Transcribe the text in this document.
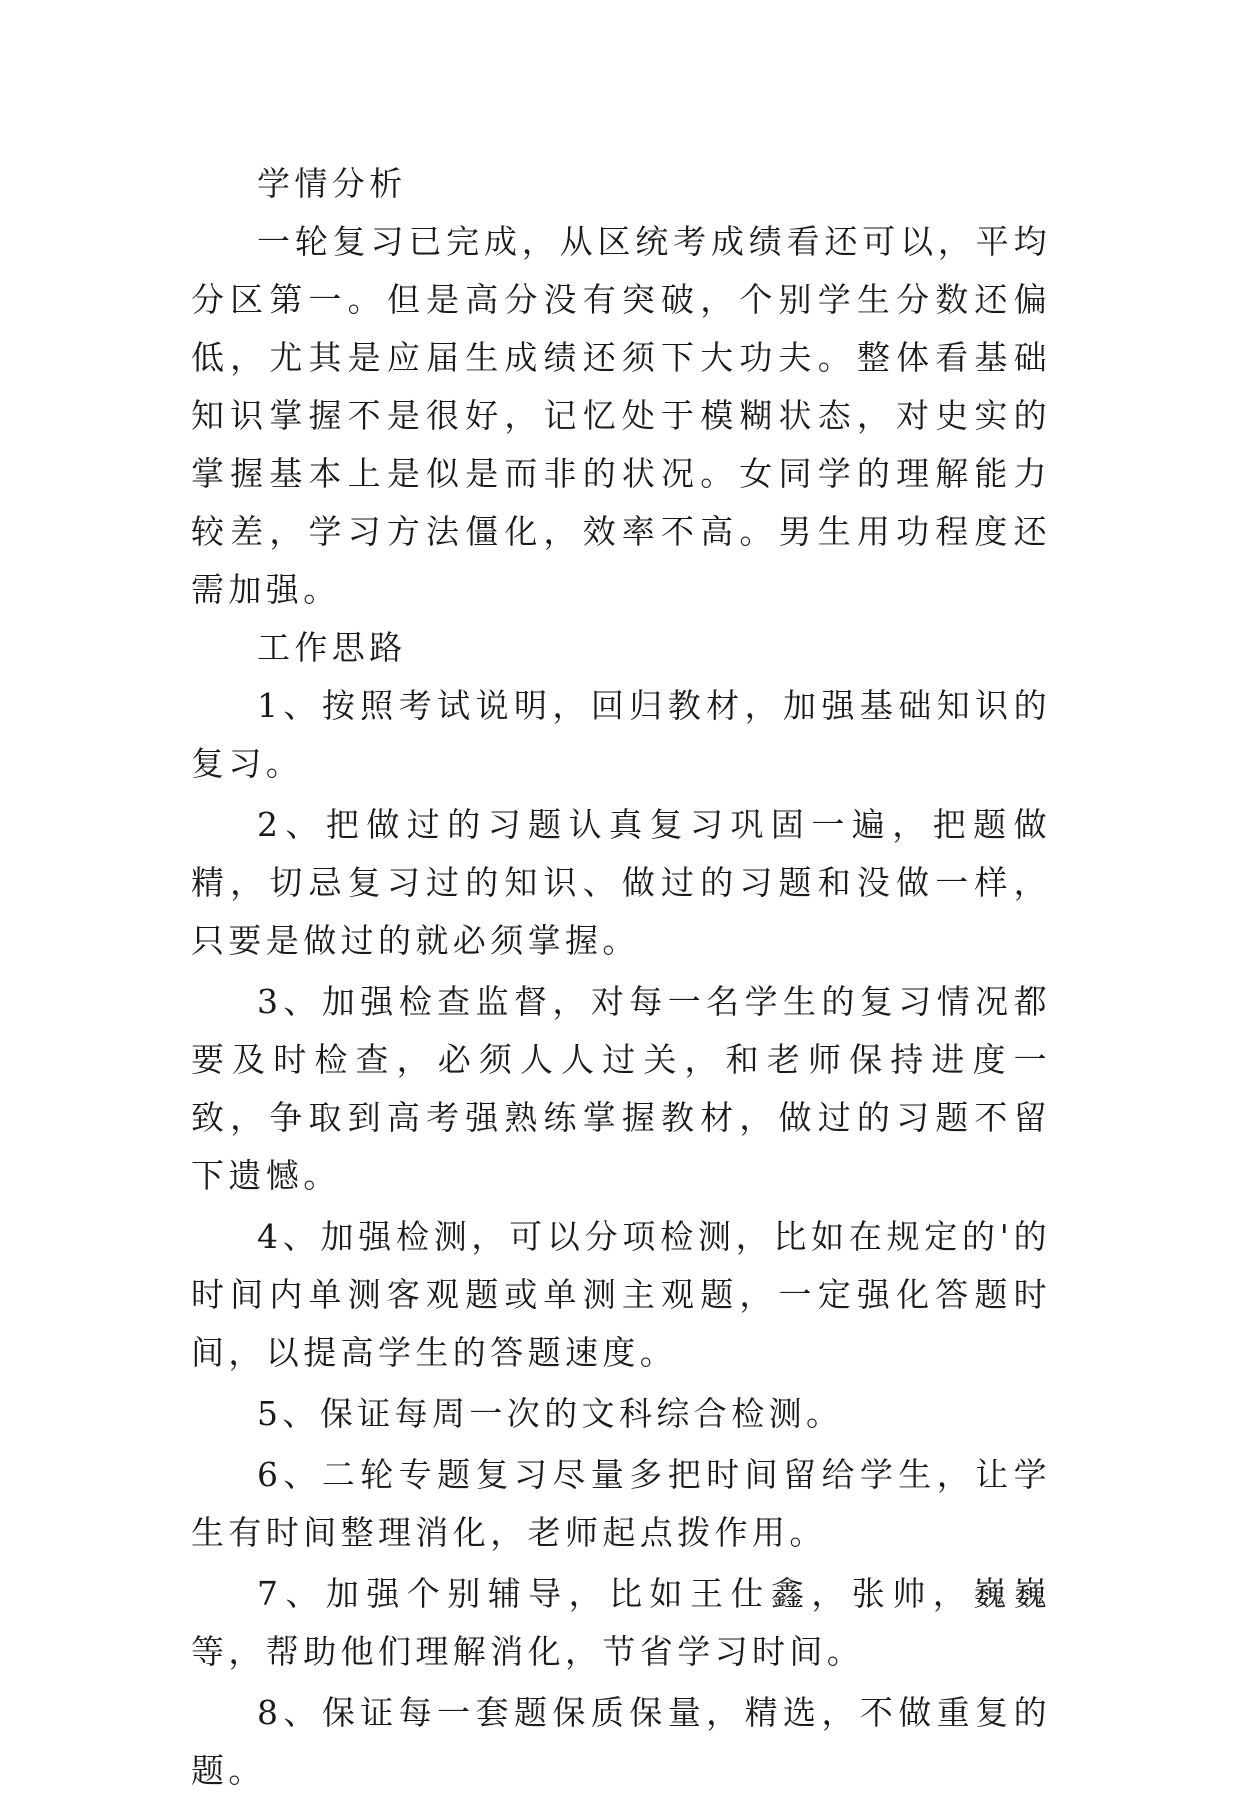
学情分析

一轮复习已完成，从区统考成绩看还可以，平均分区第一。但是高分没有突破，个别学生分数还偏低，尤其是应届生成绩还须下大功夫。整体看基础知识掌握不是很好，记忆处于模糊状态，对史实的掌握基本上是似是而非的状况。女同学的理解能力较差，学习方法僵化，效率不高。男生用功程度还需加强。

工作思路

1、按照考试说明，回归教材，加强基础知识的复习。

2、把做过的习题认真复习巩固一遍，把题做精，切忌复习过的知识、做过的习题和没做一样，只要是做过的就必须掌握。

3、加强检查监督，对每一名学生的复习情况都要及时检查，必须人人过关，和老师保持进度一致，争取到高考强熟练掌握教材，做过的习题不留下遗憾。

4、加强检测，可以分项检测，比如在规定的'的时间内单测客观题或单测主观题，一定强化答题时间，以提高学生的答题速度。

5、保证每周一次的文科综合检测。

6、二轮专题复习尽量多把时间留给学生，让学生有时间整理消化，老师起点拨作用。

7、加强个别辅导，比如王仕鑫，张帅，巍巍等，帮助他们理解消化，节省学习时间。

8、保证每一套题保质保量，精选，不做重复的题。
